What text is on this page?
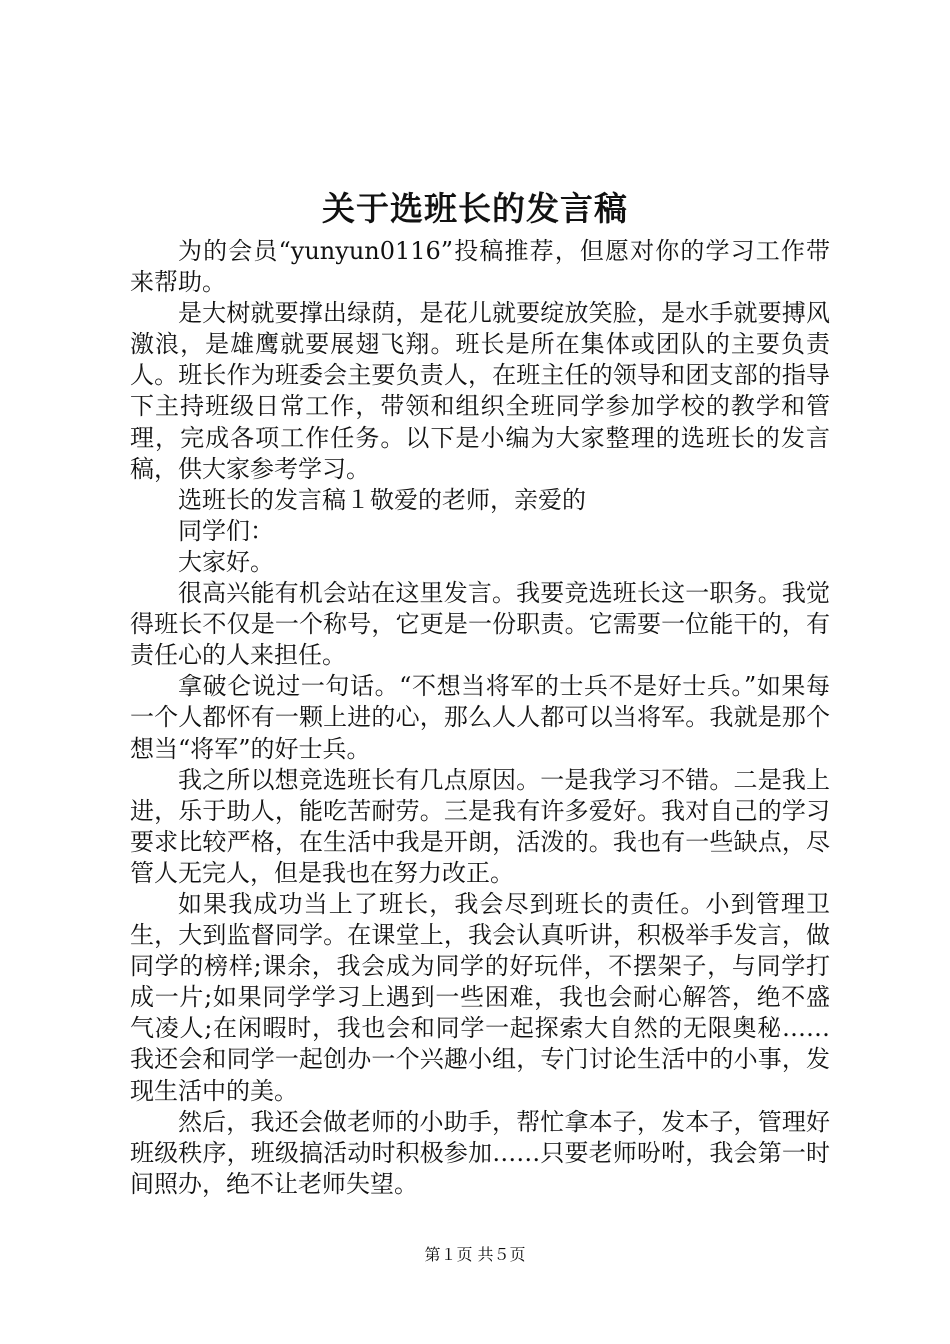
关于选班长的发言稿

为的会员“yunyun0116”投稿推荐，但愿对你的学习工作带来帮助。

是大树就要撑出绿荫，是花儿就要绽放笑脸，是水手就要搏风激浪，是雄鹰就要展翅飞翔。班长是所在集体或团队的主要负责人。班长作为班委会主要负责人，在班主任的领导和团支部的指导下主持班级日常工作，带领和组织全班同学参加学校的教学和管理，完成各项工作任务。以下是小编为大家整理的选班长的发言稿，供大家参考学习。

选班长的发言稿１敬爱的老师，亲爱的

同学们：

大家好。

很高兴能有机会站在这里发言。我要竞选班长这一职务。我觉得班长不仅是一个称号，它更是一份职责。它需要一位能干的，有责任心的人来担任。

拿破仑说过一句话。“不想当将军的士兵不是好士兵。”如果每一个人都怀有一颗上进的心，那么人人都可以当将军。我就是那个想当“将军”的好士兵。

我之所以想竞选班长有几点原因。一是我学习不错。二是我上进，乐于助人，能吃苦耐劳。三是我有许多爱好。我对自己的学习要求比较严格，在生活中我是开朗，活泼的。我也有一些缺点，尽管人无完人，但是我也在努力改正。

如果我成功当上了班长，我会尽到班长的责任。小到管理卫生，大到监督同学。在课堂上，我会认真听讲，积极举手发言，做同学的榜样;课余，我会成为同学的好玩伴，不摆架子，与同学打成一片;如果同学学习上遇到一些困难，我也会耐心解答，绝不盛气凌人;在闲暇时，我也会和同学一起探索大自然的无限奥秘……我还会和同学一起创办一个兴趣小组，专门讨论生活中的小事，发现生活中的美。

然后，我还会做老师的小助手，帮忙拿本子，发本子，管理好班级秩序，班级搞活动时积极参加……只要老师吩咐，我会第一时间照办，绝不让老师失望。

第１页 共５页
